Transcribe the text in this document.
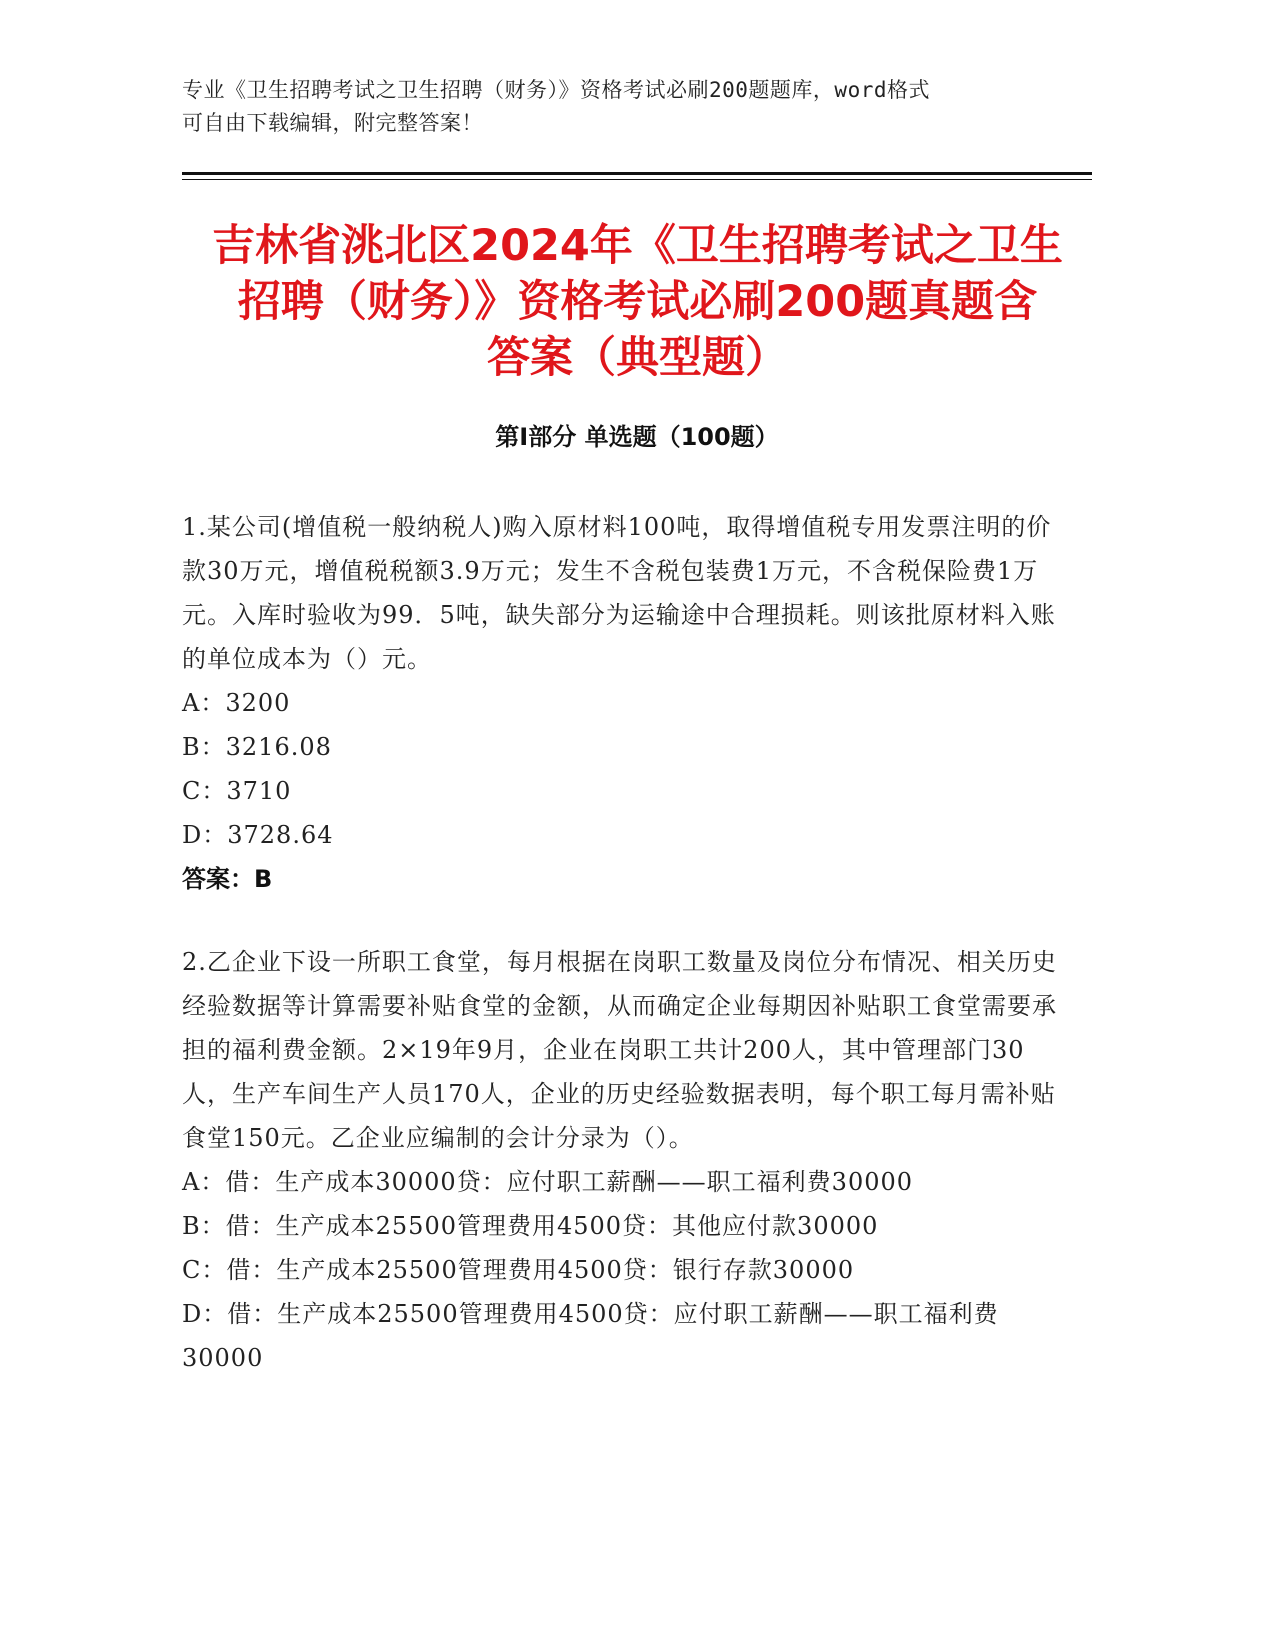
专业《卫生招聘考试之卫生招聘（财务）》资格考试必刷200题题库，word格式
可自由下载编辑，附完整答案！
吉林省洮北区2024年《卫生招聘考试之卫生
招聘（财务）》资格考试必刷200题真题含
答案（典型题）
第Ⅰ部分 单选题（100题）

1.某公司(增值税一般纳税人)购入原材料100吨，取得增值税专用发票注明的价款30万元，增值税税额3.9万元；发生不含税包装费1万元，不含税保险费1万元。入库时验收为99．5吨，缺失部分为运输途中合理损耗。则该批原材料入账的单位成本为（）元。

A：3200

B：3216.08

C：3710

D：3728.64

答案：B

2.乙企业下设一所职工食堂，每月根据在岗职工数量及岗位分布情况、相关历史经验数据等计算需要补贴食堂的金额，从而确定企业每期因补贴职工食堂需要承担的福利费金额。2×19年9月，企业在岗职工共计200人，其中管理部门30人，生产车间生产人员170人，企业的历史经验数据表明，每个职工每月需补贴食堂150元。乙企业应编制的会计分录为（）。

A：借：生产成本30000贷：应付职工薪酬——职工福利费30000

B：借：生产成本25500管理费用4500贷：其他应付款30000

C：借：生产成本25500管理费用4500贷：银行存款30000

D：借：生产成本25500管理费用4500贷：应付职工薪酬——职工福利费30000
